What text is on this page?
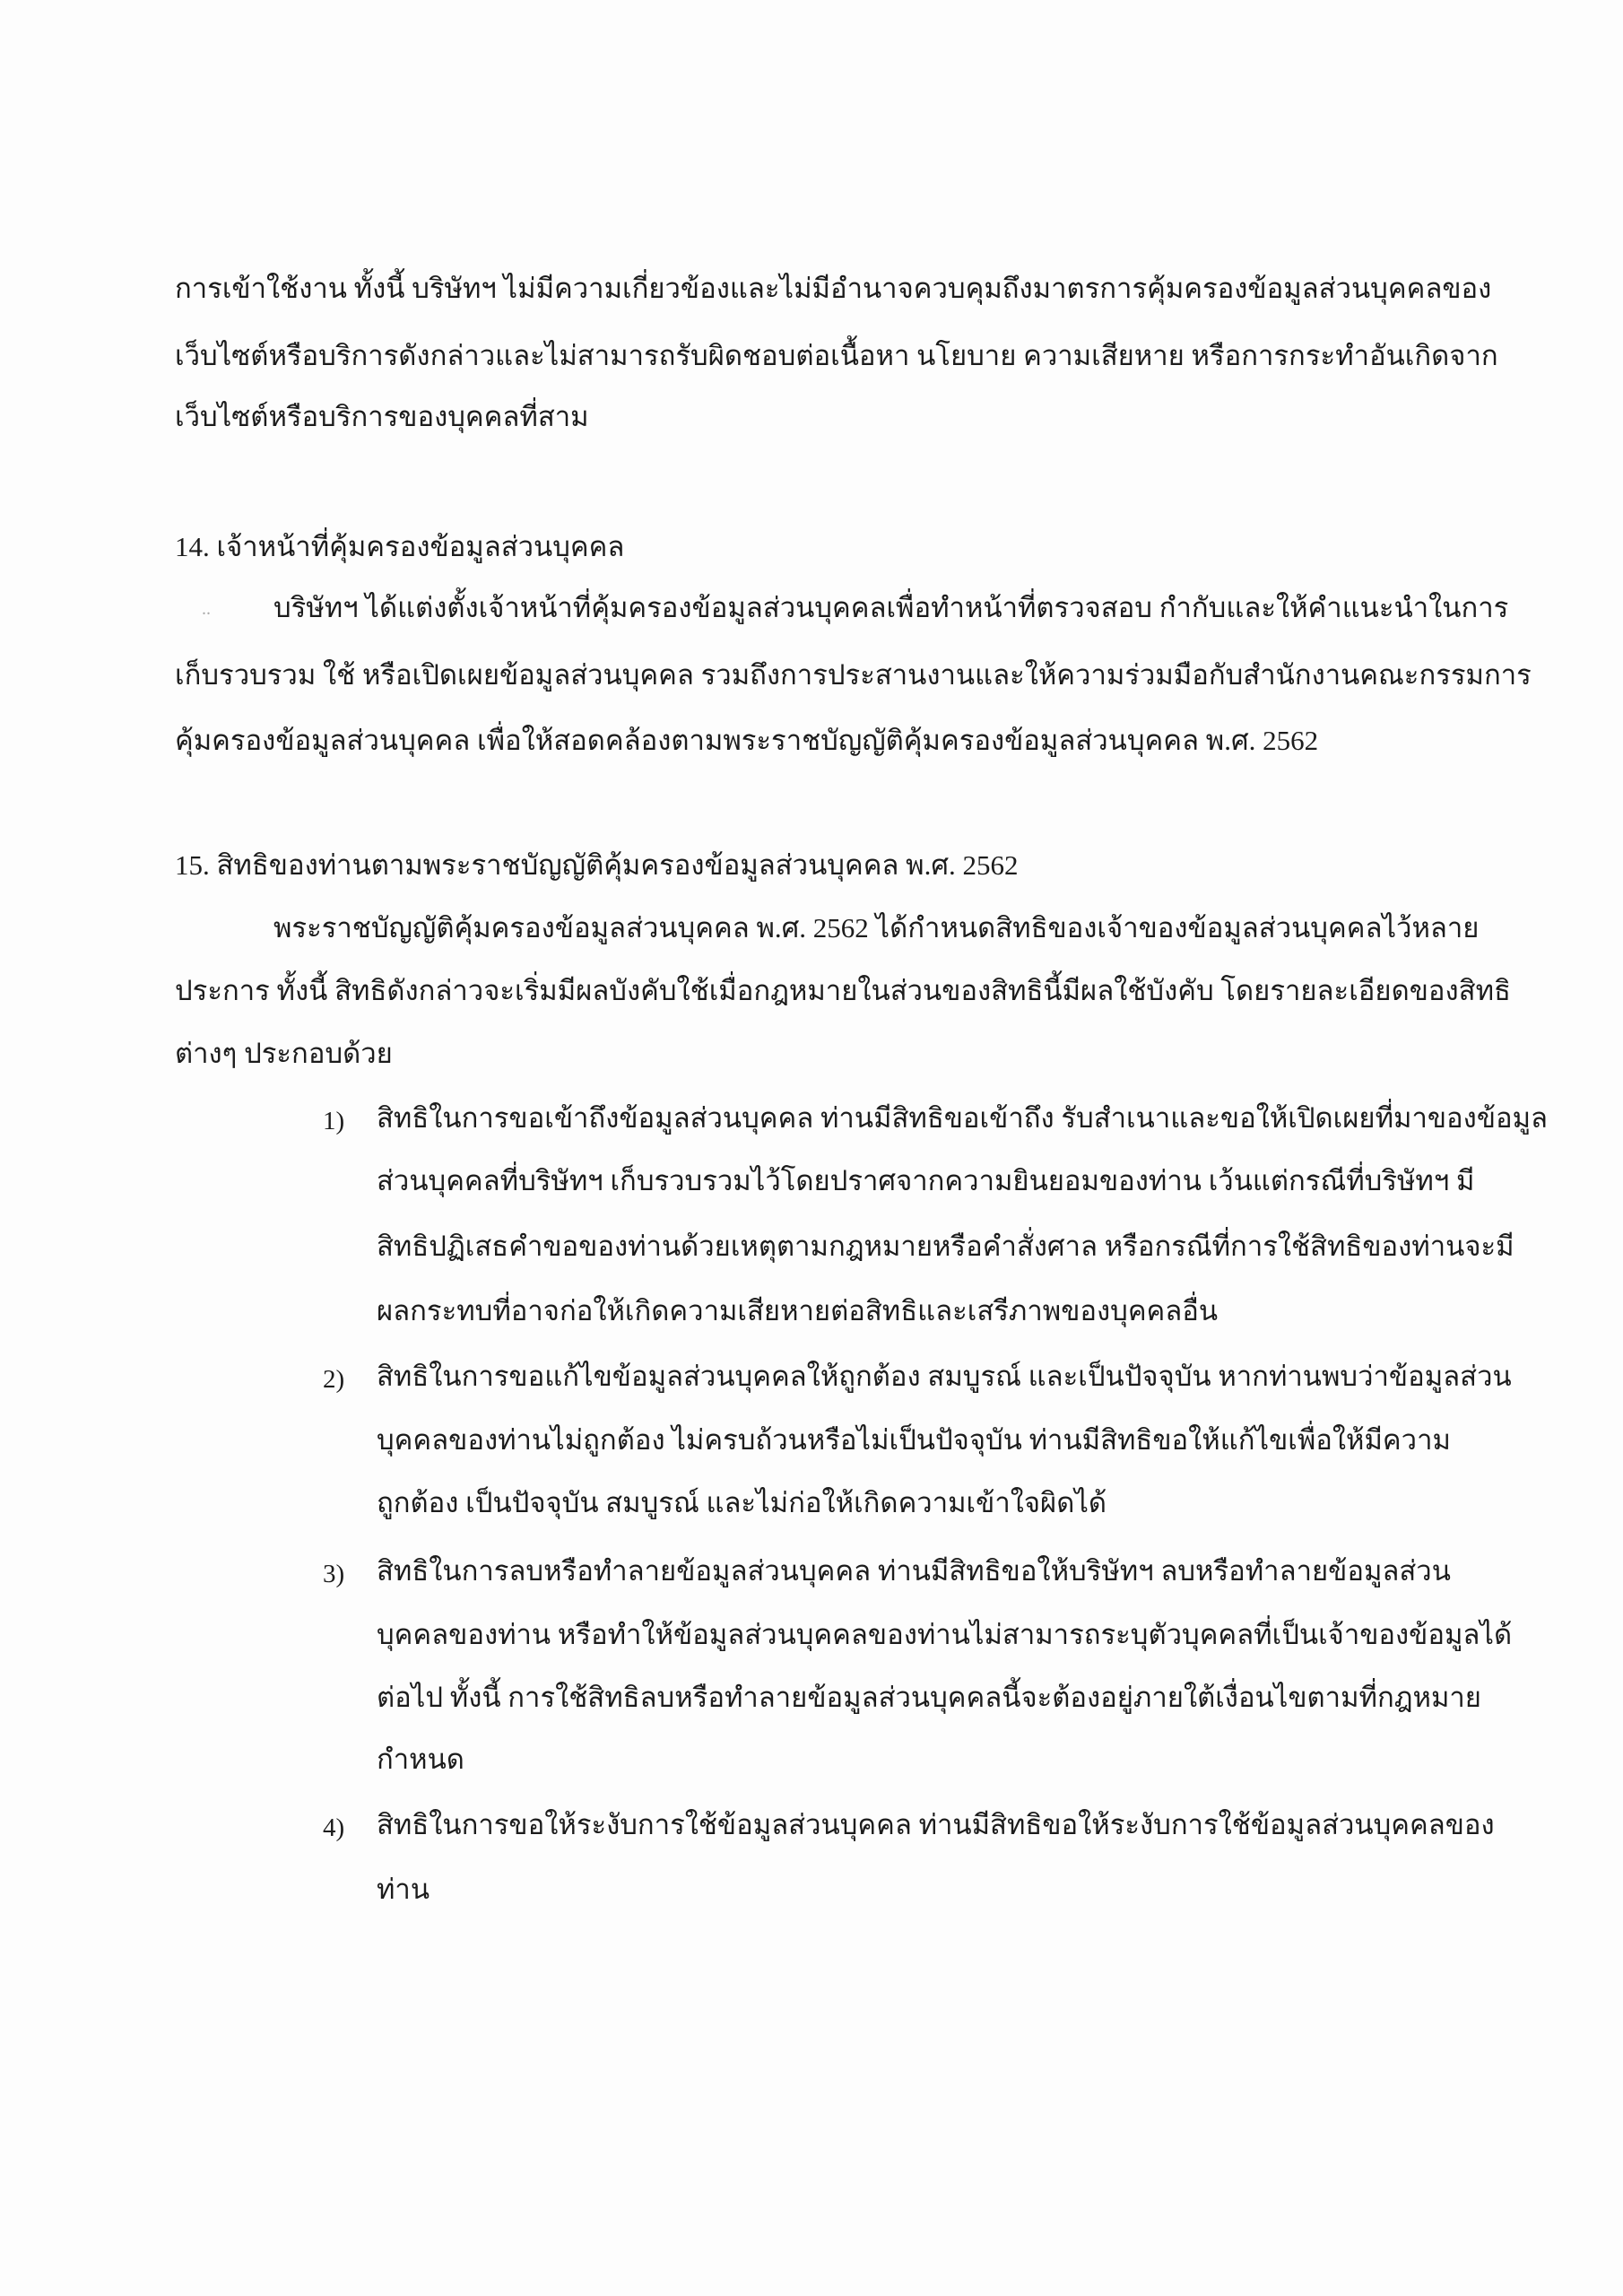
การเข้าใช้งาน ทั้งนี้ บริษัทฯ ไม่มีความเกี่ยวข้องและไม่มีอำนาจควบคุมถึงมาตรการคุ้มครองข้อมูลส่วนบุคคลของ
เว็บไซต์หรือบริการดังกล่าวและไม่สามารถรับผิดชอบต่อเนื้อหา นโยบาย ความเสียหาย หรือการกระทำอันเกิดจาก
เว็บไซต์หรือบริการของบุคคลที่สาม
14. เจ้าหน้าที่คุ้มครองข้อมูลส่วนบุคคล
.. บริษัทฯ ได้แต่งตั้งเจ้าหน้าที่คุ้มครองข้อมูลส่วนบุคคลเพื่อทำหน้าที่ตรวจสอบ กำกับและให้คำแนะนำในการ
เก็บรวบรวม ใช้ หรือเปิดเผยข้อมูลส่วนบุคคล รวมถึงการประสานงานและให้ความร่วมมือกับสำนักงานคณะกรรมการ
คุ้มครองข้อมูลส่วนบุคคล เพื่อให้สอดคล้องตามพระราชบัญญัติคุ้มครองข้อมูลส่วนบุคคล พ.ศ. 2562
15. สิทธิของท่านตามพระราชบัญญัติคุ้มครองข้อมูลส่วนบุคคล พ.ศ. 2562
พระราชบัญญัติคุ้มครองข้อมูลส่วนบุคคล พ.ศ. 2562 ได้กำหนดสิทธิของเจ้าของข้อมูลส่วนบุคคลไว้หลาย
ประการ ทั้งนี้ สิทธิดังกล่าวจะเริ่มมีผลบังคับใช้เมื่อกฎหมายในส่วนของสิทธินี้มีผลใช้บังคับ โดยรายละเอียดของสิทธิ
ต่างๆ ประกอบด้วย
1) สิทธิในการขอเข้าถึงข้อมูลส่วนบุคคล ท่านมีสิทธิขอเข้าถึง รับสำเนาและขอให้เปิดเผยที่มาของข้อมูล
ส่วนบุคคลที่บริษัทฯ เก็บรวบรวมไว้โดยปราศจากความยินยอมของท่าน เว้นแต่กรณีที่บริษัทฯ มี
สิทธิปฏิเสธคำขอของท่านด้วยเหตุตามกฎหมายหรือคำสั่งศาล หรือกรณีที่การใช้สิทธิของท่านจะมี
ผลกระทบที่อาจก่อให้เกิดความเสียหายต่อสิทธิและเสรีภาพของบุคคลอื่น
2) สิทธิในการขอแก้ไขข้อมูลส่วนบุคคลให้ถูกต้อง สมบูรณ์ และเป็นปัจจุบัน หากท่านพบว่าข้อมูลส่วน
บุคคลของท่านไม่ถูกต้อง ไม่ครบถ้วนหรือไม่เป็นปัจจุบัน ท่านมีสิทธิขอให้แก้ไขเพื่อให้มีความ
ถูกต้อง เป็นปัจจุบัน สมบูรณ์ และไม่ก่อให้เกิดความเข้าใจผิดได้
3) สิทธิในการลบหรือทำลายข้อมูลส่วนบุคคล ท่านมีสิทธิขอให้บริษัทฯ ลบหรือทำลายข้อมูลส่วน
บุคคลของท่าน หรือทำให้ข้อมูลส่วนบุคคลของท่านไม่สามารถระบุตัวบุคคลที่เป็นเจ้าของข้อมูลได้
ต่อไป ทั้งนี้ การใช้สิทธิลบหรือทำลายข้อมูลส่วนบุคคลนี้จะต้องอยู่ภายใต้เงื่อนไขตามที่กฎหมาย
กำหนด
4) สิทธิในการขอให้ระงับการใช้ข้อมูลส่วนบุคคล ท่านมีสิทธิขอให้ระงับการใช้ข้อมูลส่วนบุคคลของ
ท่าน
